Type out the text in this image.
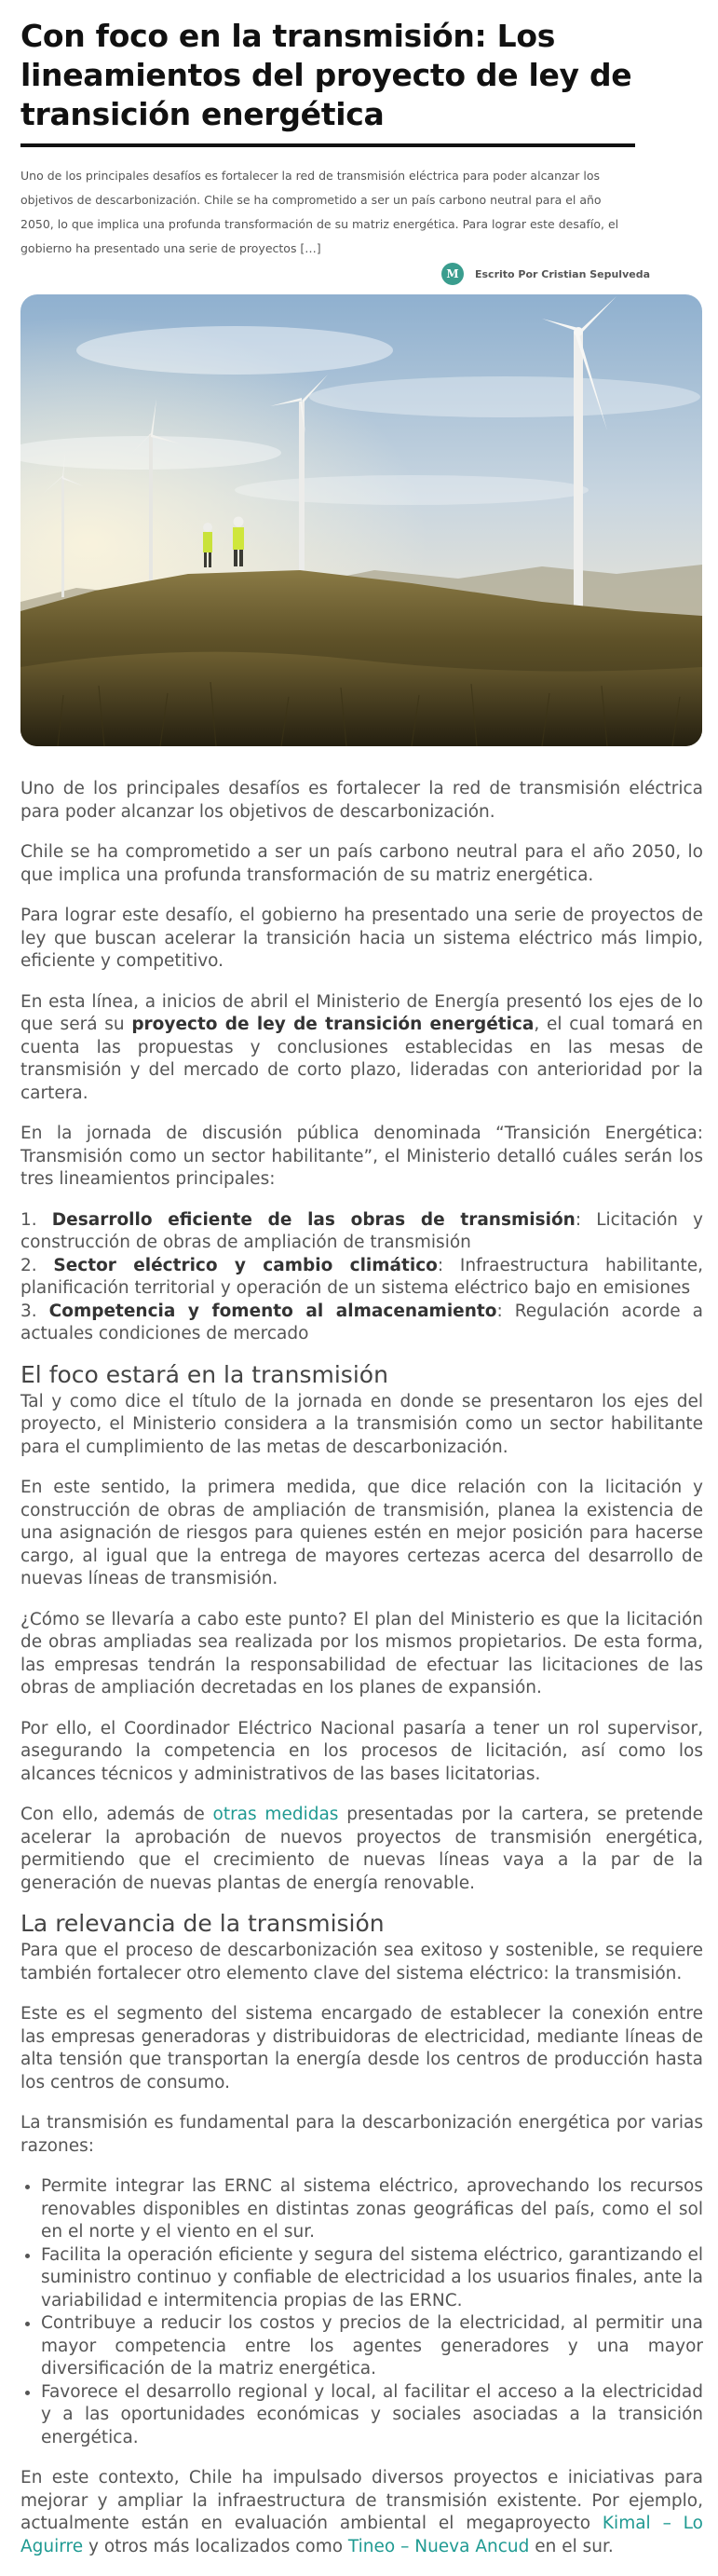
Con foco en la transmisión: Los lineamientos del proyecto de ley de transición energética
Uno de los principales desafíos es fortalecer la red de transmisión eléctrica para poder alcanzar los objetivos de descarbonización. Chile se ha comprometido a ser un país carbono neutral para el año 2050, lo que implica una profunda transformación de su matriz energética. Para lograr este desafío, el gobierno ha presentado una serie de proyectos […]
M	Escrito Por Cristian Sepulveda

Uno de los principales desafíos es fortalecer la red de transmisión eléctrica para poder alcanzar los objetivos de descarbonización.

Chile se ha comprometido a ser un país carbono neutral para el año 2050, lo que implica una profunda transformación de su matriz energética.

Para lograr este desafío, el gobierno ha presentado una serie de proyectos de ley que buscan acelerar la transición hacia un sistema eléctrico más limpio, eficiente y competitivo.

En esta línea, a inicios de abril el Ministerio de Energía presentó los ejes de lo que será su proyecto de ley de transición energética, el cual tomará en cuenta las propuestas y conclusiones establecidas en las mesas de transmisión y del mercado de corto plazo, lideradas con anterioridad por la cartera.

En la jornada de discusión pública denominada “Transición Energética: Transmisión como un sector habilitante”, el Ministerio detalló cuáles serán los tres lineamientos principales:

1. Desarrollo eficiente de las obras de transmisión: Licitación y construcción de obras de ampliación de transmisión
2. Sector eléctrico y cambio climático: Infraestructura habilitante, planificación territorial y operación de un sistema eléctrico bajo en emisiones
3. Competencia y fomento al almacenamiento: Regulación acorde a actuales condiciones de mercado
El foco estará en la transmisión

Tal y como dice el título de la jornada en donde se presentaron los ejes del proyecto, el Ministerio considera a la transmisión como un sector habilitante para el cumplimiento de las metas de descarbonización.

En este sentido, la primera medida, que dice relación con la licitación y construcción de obras de ampliación de transmisión, planea la existencia de una asignación de riesgos para quienes estén en mejor posición para hacerse cargo, al igual que la entrega de mayores certezas acerca del desarrollo de nuevas líneas de transmisión.

¿Cómo se llevaría a cabo este punto? El plan del Ministerio es que la licitación de obras ampliadas sea realizada por los mismos propietarios. De esta forma, las empresas tendrán la responsabilidad de efectuar las licitaciones de las obras de ampliación decretadas en los planes de expansión.

Por ello, el Coordinador Eléctrico Nacional pasaría a tener un rol supervisor, asegurando la competencia en los procesos de licitación, así como los alcances técnicos y administrativos de las bases licitatorias.

Con ello, además de otras medidas presentadas por la cartera, se pretende acelerar la aprobación de nuevos proyectos de transmisión energética, permitiendo que el crecimiento de nuevas líneas vaya a la par de la generación de nuevas plantas de energía renovable.

La relevancia de la transmisión

Para que el proceso de descarbonización sea exitoso y sostenible, se requiere también fortalecer otro elemento clave del sistema eléctrico: la transmisión.

Este es el segmento del sistema encargado de establecer la conexión entre las empresas generadoras y distribuidoras de electricidad, mediante líneas de alta tensión que transportan la energía desde los centros de producción hasta los centros de consumo.

La transmisión es fundamental para la descarbonización energética por varias razones:

• Permite integrar las ERNC al sistema eléctrico, aprovechando los recursos renovables disponibles en distintas zonas geográficas del país, como el sol en el norte y el viento en el sur.
• Facilita la operación eficiente y segura del sistema eléctrico, garantizando el suministro continuo y confiable de electricidad a los usuarios finales, ante la variabilidad e intermitencia propias de las ERNC.
• Contribuye a reducir los costos y precios de la electricidad, al permitir una mayor competencia entre los agentes generadores y una mayor diversificación de la matriz energética.
• Favorece el desarrollo regional y local, al facilitar el acceso a la electricidad y a las oportunidades económicas y sociales asociadas a la transición energética.

En este contexto, Chile ha impulsado diversos proyectos e iniciativas para mejorar y ampliar la infraestructura de transmisión existente. Por ejemplo, actualmente están en evaluación ambiental el megaproyecto Kimal – Lo Aguirre y otros más localizados como Tineo – Nueva Ancud en el sur.
